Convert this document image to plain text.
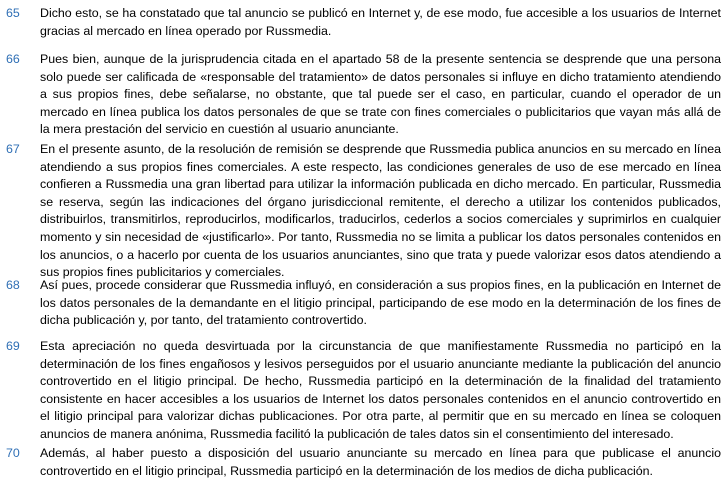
65 Dicho esto, se ha constatado que tal anuncio se publicó en Internet y, de ese modo, fue accesible a los usuarios de Internet gracias al mercado en línea operado por Russmedia.
66 Pues bien, aunque de la jurisprudencia citada en el apartado 58 de la presente sentencia se desprende que una persona solo puede ser calificada de «responsable del tratamiento» de datos personales si influye en dicho tratamiento atendiendo a sus propios fines, debe señalarse, no obstante, que tal puede ser el caso, en particular, cuando el operador de un mercado en línea publica los datos personales de que se trate con fines comerciales o publicitarios que vayan más allá de la mera prestación del servicio en cuestión al usuario anunciante.
67 En el presente asunto, de la resolución de remisión se desprende que Russmedia publica anuncios en su mercado en línea atendiendo a sus propios fines comerciales. A este respecto, las condiciones generales de uso de ese mercado en línea confieren a Russmedia una gran libertad para utilizar la información publicada en dicho mercado. En particular, Russmedia se reserva, según las indicaciones del órgano jurisdiccional remitente, el derecho a utilizar los contenidos publicados, distribuirlos, transmitirlos, reproducirlos, modificarlos, traducirlos, cederlos a socios comerciales y suprimirlos en cualquier momento y sin necesidad de «justificarlo». Por tanto, Russmedia no se limita a publicar los datos personales contenidos en los anuncios, o a hacerlo por cuenta de los usuarios anunciantes, sino que trata y puede valorizar esos datos atendiendo a sus propios fines publicitarios y comerciales.
68 Así pues, procede considerar que Russmedia influyó, en consideración a sus propios fines, en la publicación en Internet de los datos personales de la demandante en el litigio principal, participando de ese modo en la determinación de los fines de dicha publicación y, por tanto, del tratamiento controvertido.
69 Esta apreciación no queda desvirtuada por la circunstancia de que manifiestamente Russmedia no participó en la determinación de los fines engañosos y lesivos perseguidos por el usuario anunciante mediante la publicación del anuncio controvertido en el litigio principal. De hecho, Russmedia participó en la determinación de la finalidad del tratamiento consistente en hacer accesibles a los usuarios de Internet los datos personales contenidos en el anuncio controvertido en el litigio principal para valorizar dichas publicaciones. Por otra parte, al permitir que en su mercado en línea se coloquen anuncios de manera anónima, Russmedia facilitó la publicación de tales datos sin el consentimiento del interesado.
70 Además, al haber puesto a disposición del usuario anunciante su mercado en línea para que publicase el anuncio controvertido en el litigio principal, Russmedia participó en la determinación de los medios de dicha publicación.
